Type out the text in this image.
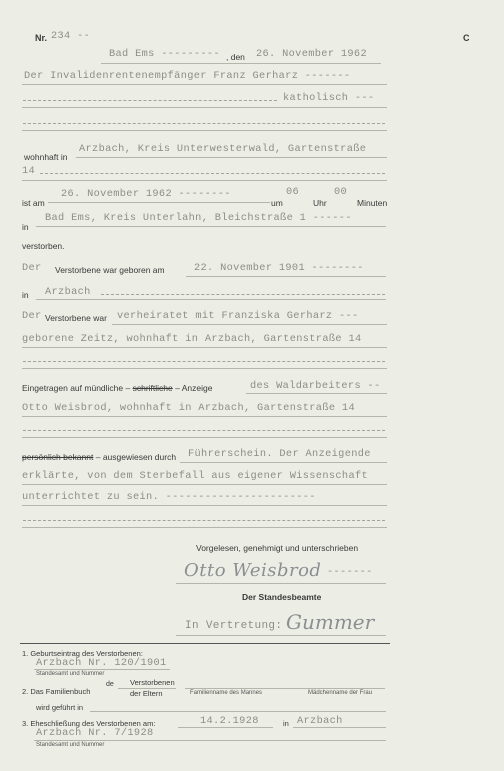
Nr. 234 --	C
Bad Ems --------- , den 26. November 1962
Der Invalidenrentenempfänger Franz Gerharz -------
katholisch ---
wohnhaft in
Arzbach, Kreis Unterwesterwald, Gartenstraße
14
ist am
26. November 1962 --------
um
06
Uhr
00
Minuten
in
Bad Ems, Kreis Unterlahn, Bleichstraße 1 ------
verstorben.
Der Verstorbene war geboren am	22. November 1901 --------
in Arzbach
Der Verstorbene war verheiratet mit Franziska Gerharz ---
geborene Zeitz, wohnhaft in Arzbach, Gartenstraße 14
Eingetragen auf mündliche – schriftliche – Anzeige	des Waldarbeiters --
Otto Weisbrod, wohnhaft in Arzbach, Gartenstraße 14
persönlich bekannt – ausgewiesen durch Führerschein. Der Anzeigende
erklärte, von dem Sterbefall aus eigener Wissenschaft
unterrichtet zu sein. -----------------------
Vorgelesen, genehmigt und unterschrieben
Otto Weisbrod -------
Der Standesbeamte
In Vertretung: Gummer
1. Geburtseintrag des Verstorbenen:
Arzbach Nr. 120/1901
Standesamt und Nummer
2. Das Familienbuch
de Verstorbenen
der Eltern	Familienname des Mannes	Mädchenname der Frau
wird geführt in
3. Eheschließung des Verstorbenen am:	14.2.1928	in Arzbach
Arzbach Nr. 7/1928
Standesamt und Nummer
